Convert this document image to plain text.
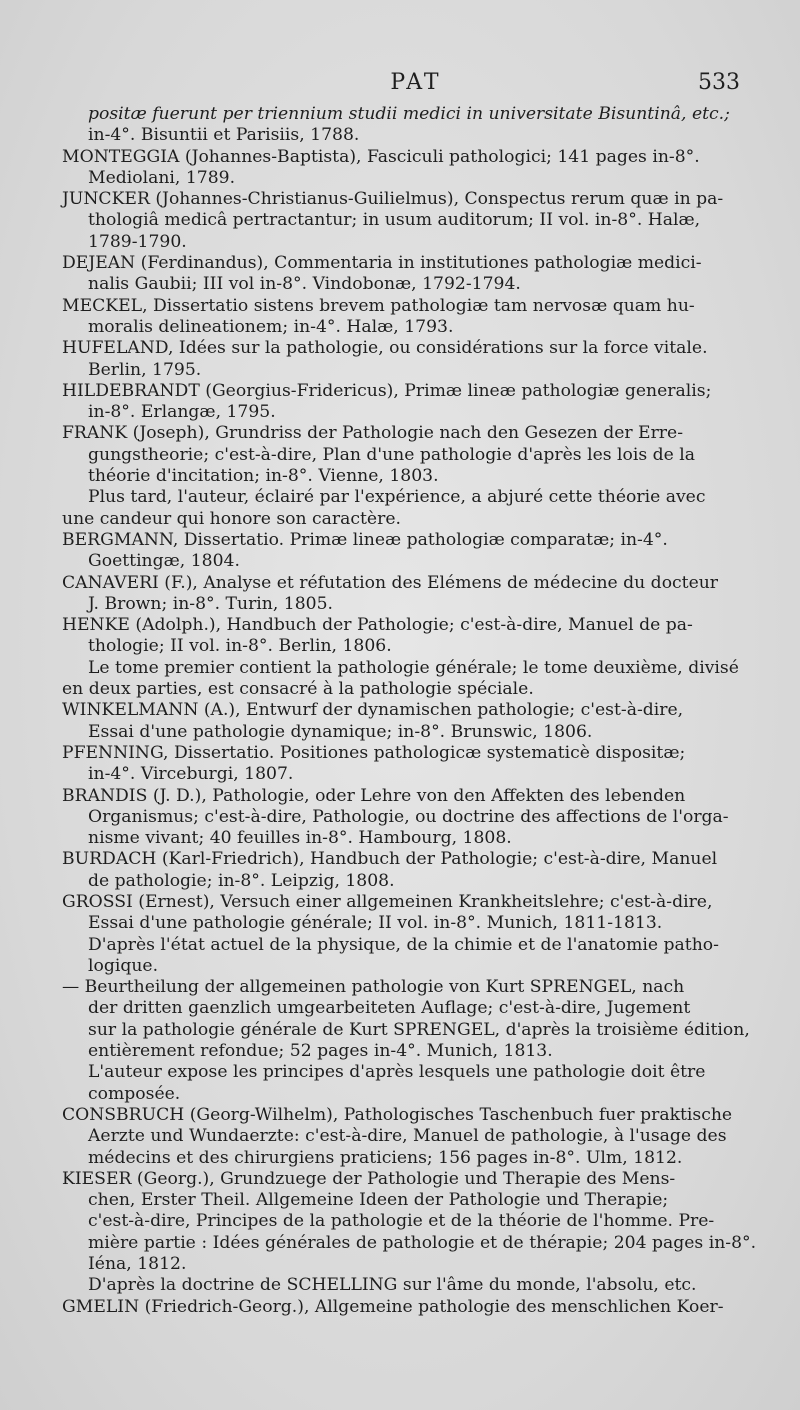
PAT	533
positæ fuerunt per triennium studii medici in universitate Bisuntinâ, etc.;
in-4°. Bisuntii et Parisiis, 1788.
MONTEGGIA (Johannes-Baptista), Fasciculi pathologici; 141 pages in-8°.
Mediolani, 1789.
JUNCKER (Johannes-Christianus-Guilielmus), Conspectus rerum quæ in pa-
thologiâ medicâ pertractantur; in usum auditorum; II vol. in-8°. Halæ,
1789-1790.
DEJEAN (Ferdinandus), Commentaria in institutiones pathologiæ medici-
nalis Gaubii; III vol in-8°. Vindobonæ, 1792-1794.
MECKEL, Dissertatio sistens brevem pathologiæ tam nervosæ quam hu-
moralis delineationem; in-4°. Halæ, 1793.
HUFELAND, Idées sur la pathologie, ou considérations sur la force vitale.
Berlin, 1795.
HILDEBRANDT (Georgius-Fridericus), Primæ lineæ pathologiæ generalis;
in-8°. Erlangæ, 1795.
FRANK (Joseph), Grundriss der Pathologie nach den Gesezen der Erre-
gungstheorie; c'est-à-dire, Plan d'une pathologie d'après les lois de la
théorie d'incitation; in-8°. Vienne, 1803.
Plus tard, l'auteur, éclairé par l'expérience, a abjuré cette théorie avec
une candeur qui honore son caractère.
BERGMANN, Dissertatio. Primæ lineæ pathologiæ comparatæ; in-4°.
Goettingæ, 1804.
CANAVERI (F.), Analyse et réfutation des Elémens de médecine du docteur
J. Brown; in-8°. Turin, 1805.
HENKE (Adolph.), Handbuch der Pathologie; c'est-à-dire, Manuel de pa-
thologie; II vol. in-8°. Berlin, 1806.
Le tome premier contient la pathologie générale; le tome deuxième, divisé
en deux parties, est consacré à la pathologie spéciale.
WINKELMANN (A.), Entwurf der dynamischen pathologie; c'est-à-dire,
Essai d'une pathologie dynamique; in-8°. Brunswic, 1806.
PFENNING, Dissertatio. Positiones pathologicæ systematicè dispositæ;
in-4°. Virceburgi, 1807.
BRANDIS (J. D.), Pathologie, oder Lehre von den Affekten des lebenden
Organismus; c'est-à-dire, Pathologie, ou doctrine des affections de l'orga-
nisme vivant; 40 feuilles in-8°. Hambourg, 1808.
BURDACH (Karl-Friedrich), Handbuch der Pathologie; c'est-à-dire, Manuel
de pathologie; in-8°. Leipzig, 1808.
GROSSI (Ernest), Versuch einer allgemeinen Krankheitslehre; c'est-à-dire,
Essai d'une pathologie générale; II vol. in-8°. Munich, 1811-1813.
D'après l'état actuel de la physique, de la chimie et de l'anatomie patho-
logique.
— Beurtheilung der allgemeinen pathologie von Kurt SPRENGEL, nach
der dritten gaenzlich umgearbeiteten Auflage; c'est-à-dire, Jugement
sur la pathologie générale de Kurt SPRENGEL, d'après la troisième édition,
entièrement refondue; 52 pages in-4°. Munich, 1813.
L'auteur expose les principes d'après lesquels une pathologie doit être
composée.
CONSBRUCH (Georg-Wilhelm), Pathologisches Taschenbuch fuer praktische
Aerzte und Wundaerzte: c'est-à-dire, Manuel de pathologie, à l'usage des
médecins et des chirurgiens praticiens; 156 pages in-8°. Ulm, 1812.
KIESER (Georg.), Grundzuege der Pathologie und Therapie des Mens-
chen, Erster Theil. Allgemeine Ideen der Pathologie und Therapie;
c'est-à-dire, Principes de la pathologie et de la théorie de l'homme. Pre-
mière partie : Idées générales de pathologie et de thérapie; 204 pages in-8°.
Iéna, 1812.
D'après la doctrine de SCHELLING sur l'âme du monde, l'absolu, etc.
GMELIN (Friedrich-Georg.), Allgemeine pathologie des menschlichen Koer-
